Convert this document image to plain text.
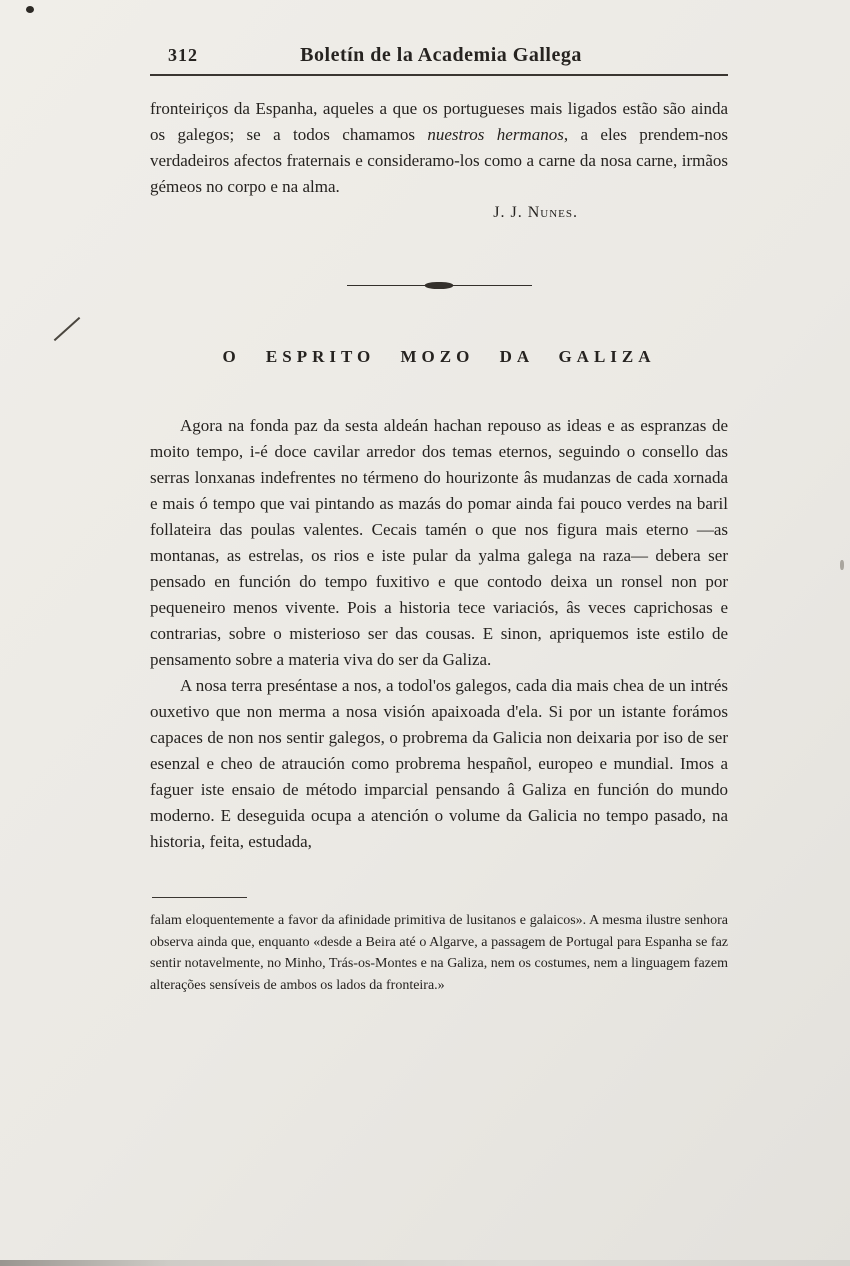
312	Boletín de la Academia Gallega

fronteiriços da Espanha, aqueles a que os portugueses mais ligados estão são ainda os galegos; se a todos chamamos nuestros hermanos, a eles prendem-nos verdadeiros afectos fraternais e consideramo-los como a carne da nosa carne, irmãos gémeos no corpo e na alma.

J. J. Nunes.
O ESPRITO MOZO DA GALIZA

Agora na fonda paz da sesta aldeán hachan repouso as ideas e as espranzas de moito tempo, i-é doce cavilar arredor dos temas eternos, seguindo o consello das serras lonxanas indefrentes no térmeno do hourizonte âs mudanzas de cada xornada e mais ó tempo que vai pintando as mazás do pomar ainda fai pouco verdes na baril follateira das poulas valentes. Cecais tamén o que nos figura mais eterno —as montanas, as estrelas, os rios e iste pular da yalma galega na raza— debera ser pensado en función do tempo fuxitivo e que contodo deixa un ronsel non por pequeneiro menos vivente. Pois a historia tece variaciós, âs veces caprichosas e contrarias, sobre o misterioso ser das cousas. E sinon, apriquemos iste estilo de pensamento sobre a materia viva do ser da Galiza.

A nosa terra preséntase a nos, a todol'os galegos, cada dia mais chea de un intrés ouxetivo que non merma a nosa visión apaixoada d'ela. Si por un istante forámos capaces de non nos sentir galegos, o probrema da Galicia non deixaria por iso de ser esenzal e cheo de atraución como probrema hespañol, europeo e mundial. Imos a faguer iste ensaio de método imparcial pensando â Galiza en función do mundo moderno. E deseguida ocupa a atención o volume da Galicia no tempo pasado, na historia, feita, estudada,

falam eloquentemente a favor da afinidade primitiva de lusitanos e galaicos». A mesma ilustre senhora observa ainda que, enquanto «desde a Beira até o Algarve, a passagem de Portugal para Espanha se faz sentir notavelmente, no Minho, Trás-os-Montes e na Galiza, nem os costumes, nem a linguagem fazem alterações sensíveis de ambos os lados da fronteira.»
